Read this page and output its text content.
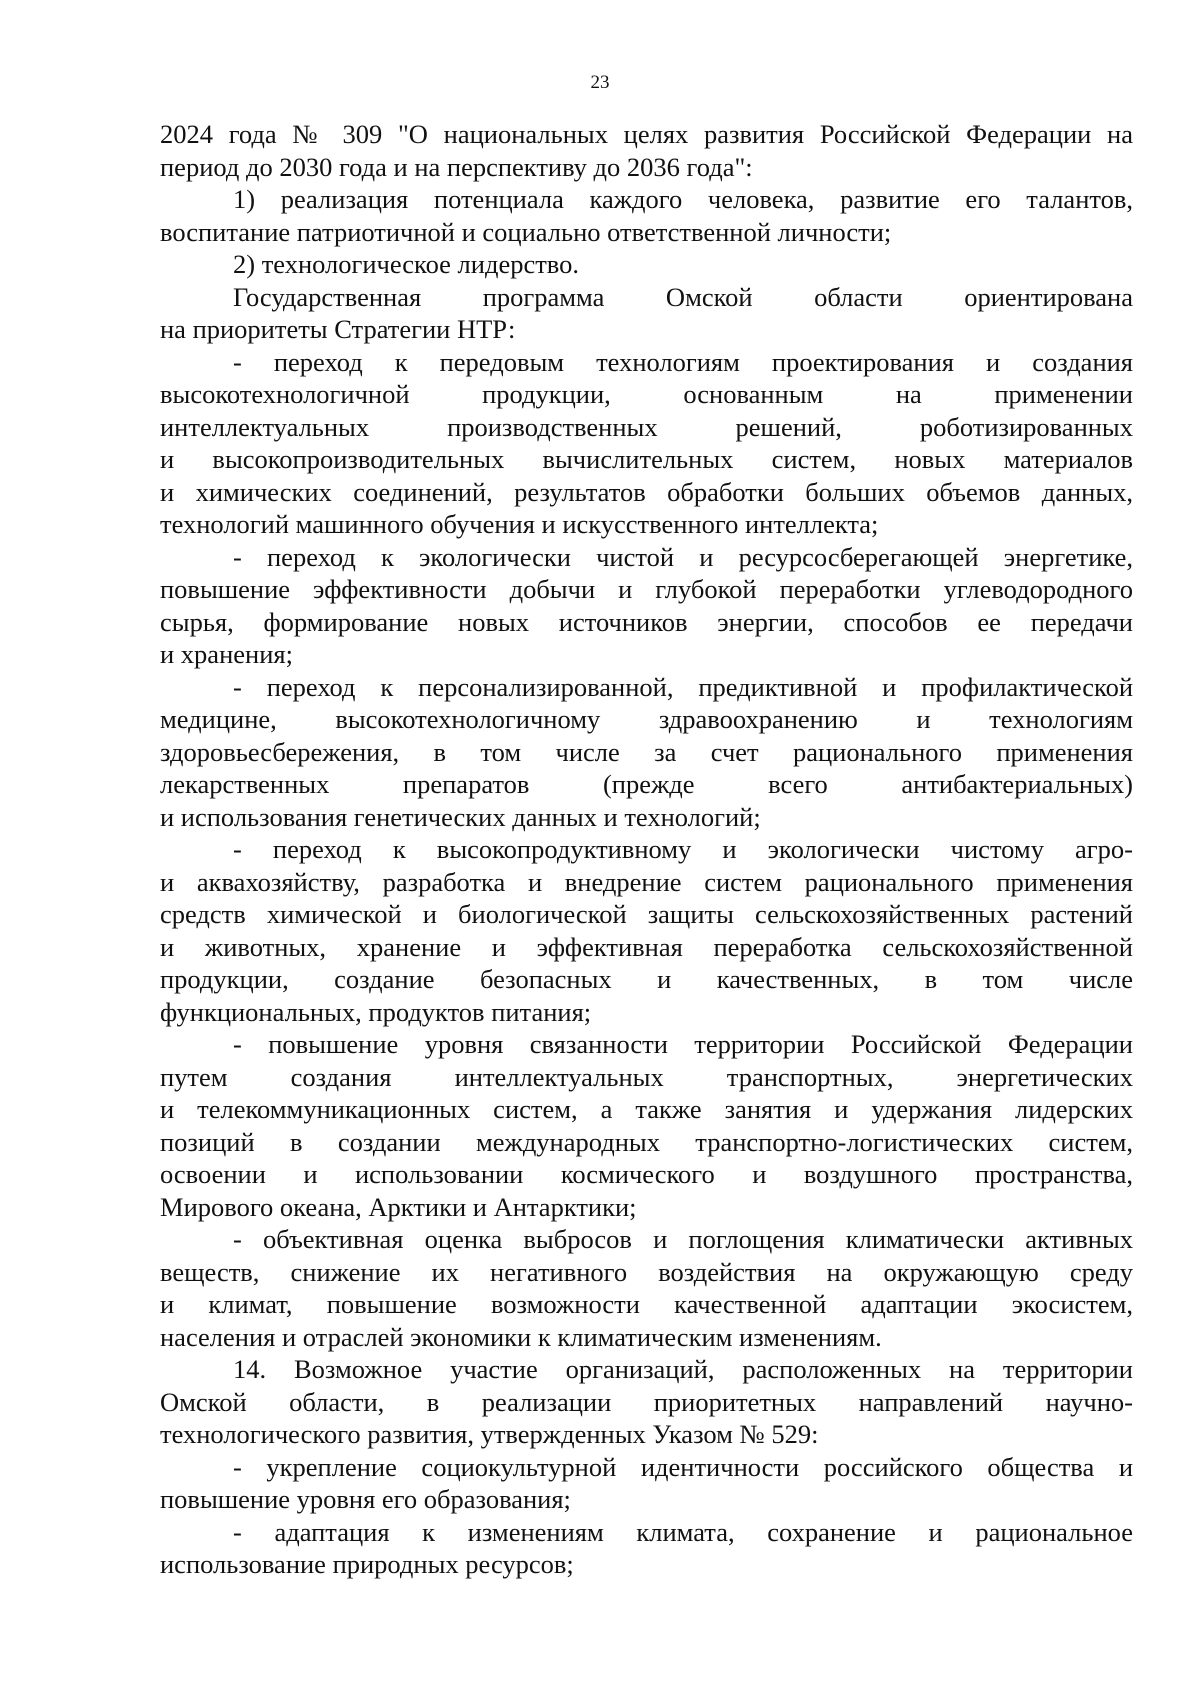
23
2024 года № 309 "О национальных целях развития Российской Федерации на
период до 2030 года и на перспективу до 2036 года":
1) реализация потенциала каждого человека, развитие его талантов,
воспитание патриотичной и социально ответственной личности;
2) технологическое лидерство.
Государственная программа Омской области ориентирована
на приоритеты Стратегии НТР:
- переход к передовым технологиям проектирования и создания
высокотехнологичной продукции, основанным на применении
интеллектуальных производственных решений, роботизированных
и высокопроизводительных вычислительных систем, новых материалов
и химических соединений, результатов обработки больших объемов данных,
технологий машинного обучения и искусственного интеллекта;
- переход к экологически чистой и ресурсосберегающей энергетике,
повышение эффективности добычи и глубокой переработки углеводородного
сырья, формирование новых источников энергии, способов ее передачи
и хранения;
- переход к персонализированной, предиктивной и профилактической
медицине, высокотехнологичному здравоохранению и технологиям
здоровьесбережения, в том числе за счет рационального применения
лекарственных препаратов (прежде всего антибактериальных)
и использования генетических данных и технологий;
- переход к высокопродуктивному и экологически чистому агро-
и аквахозяйству, разработка и внедрение систем рационального применения
средств химической и биологической защиты сельскохозяйственных растений
и животных, хранение и эффективная переработка сельскохозяйственной
продукции, создание безопасных и качественных, в том числе
функциональных, продуктов питания;
- повышение уровня связанности территории Российской Федерации
путем создания интеллектуальных транспортных, энергетических
и телекоммуникационных систем, а также занятия и удержания лидерских
позиций в создании международных транспортно-логистических систем,
освоении и использовании космического и воздушного пространства,
Мирового океана, Арктики и Антарктики;
- объективная оценка выбросов и поглощения климатически активных
веществ, снижение их негативного воздействия на окружающую среду
и климат, повышение возможности качественной адаптации экосистем,
населения и отраслей экономики к климатическим изменениям.
14. Возможное участие организаций, расположенных на территории
Омской области, в реализации приоритетных направлений научно-
технологического развития, утвержденных Указом № 529:
- укрепление социокультурной идентичности российского общества и
повышение уровня его образования;
- адаптация к изменениям климата, сохранение и рациональное
использование природных ресурсов;
